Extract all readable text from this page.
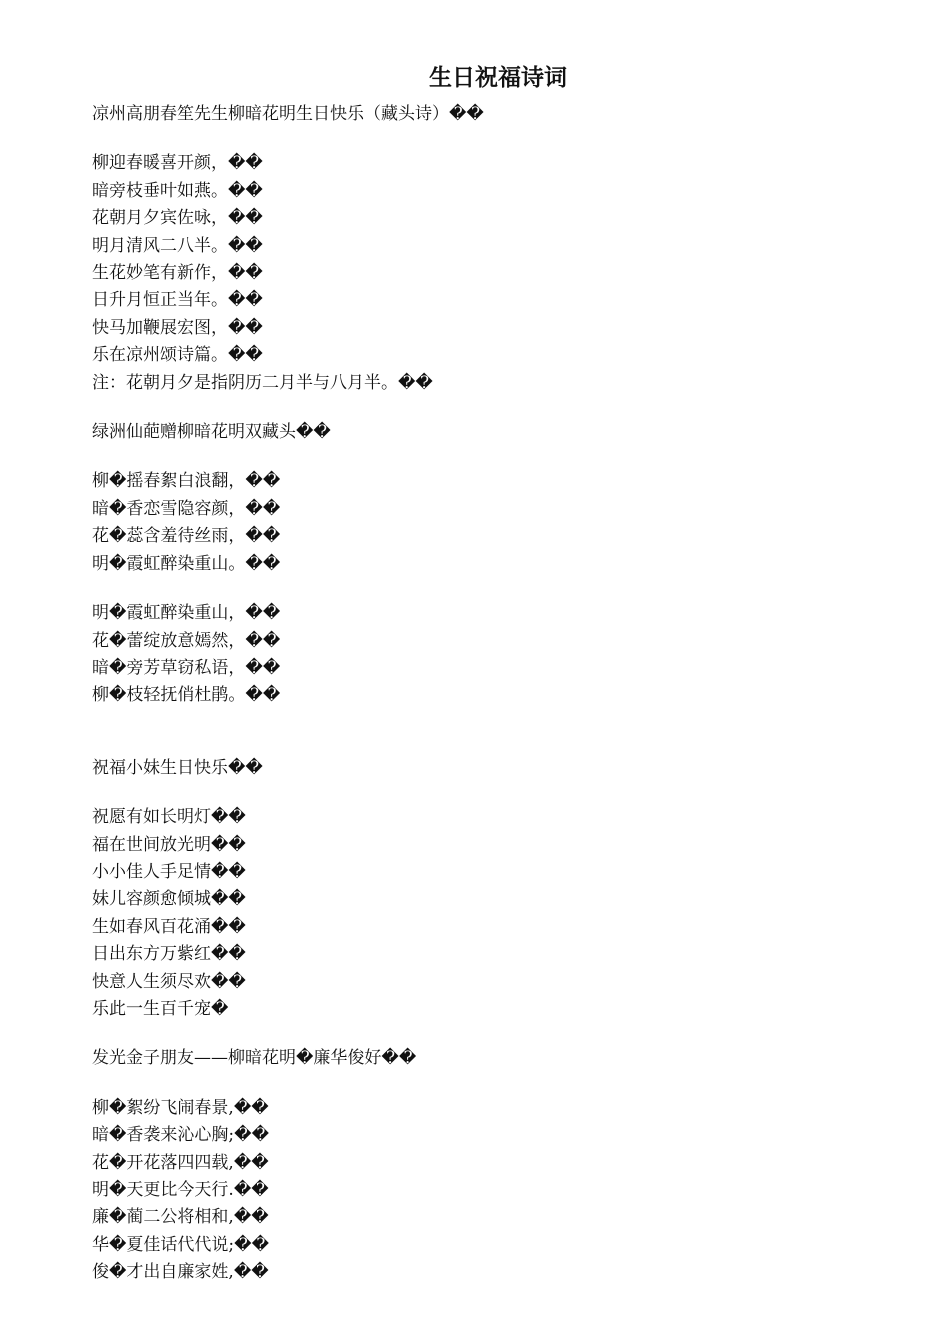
生日祝福诗词
凉州高朋春笙先生柳暗花明生日快乐（藏头诗）��
柳迎春暖喜开颜，��
暗旁枝垂叶如燕。��
花朝月夕宾佐咏，��
明月清风二八半。��
生花妙笔有新作，��
日升月恒正当年。��
快马加鞭展宏图，��
乐在凉州颂诗篇。��
注：花朝月夕是指阴历二月半与八月半。��
绿洲仙葩赠柳暗花明双藏头��
柳�摇春絮白浪翻，��
暗�香恋雪隐容颜，��
花�蕊含羞待丝雨，��
明�霞虹醉染重山。��
明�霞虹醉染重山，��
花�蕾绽放意嫣然，��
暗�旁芳草窃私语，��
柳�枝轻抚俏杜鹃。��
祝福小妹生日快乐��
祝愿有如长明灯��
福在世间放光明��
小小佳人手足情��
妹儿容颜愈倾城��
生如春风百花涌��
日出东方万紫红��
快意人生须尽欢��
乐此一生百千宠�
发光金子朋友——柳暗花明�廉华俊好��
柳�絮纷飞闹春景,��
暗�香袭来沁心胸;��
花�开花落四四载,��
明�天更比今天行.��
廉�蔺二公将相和,��
华�夏佳话代代说;��
俊�才出自廉家姓,��
